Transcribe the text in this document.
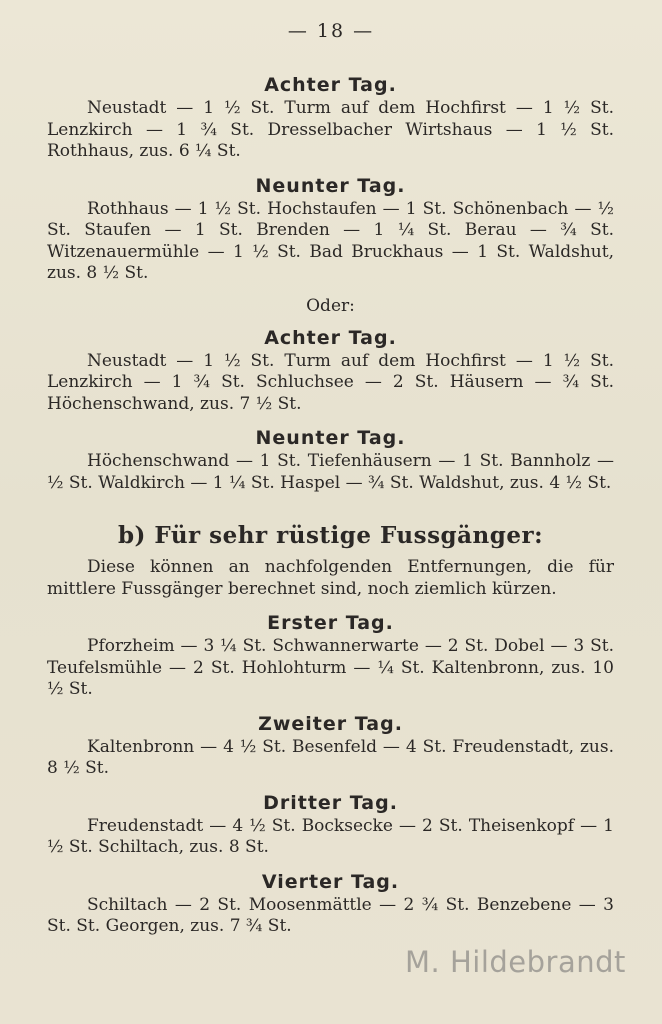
— 18 —
Achter Tag.

Neustadt — 1 ½ St. Turm auf dem Hochfirst — 1 ½ St. Lenzkirch — 1 ¾ St. Dresselbacher Wirtshaus — 1 ½ St. Rothhaus, zus. 6 ¼ St.

Neunter Tag.

Rothhaus — 1 ½ St. Hochstaufen — 1 St. Schönenbach — ½ St. Staufen — 1 St. Brenden — 1 ¼ St. Berau — ¾ St. Witzenauermühle — 1 ½ St. Bad Bruckhaus — 1 St. Waldshut, zus. 8 ½ St.

Oder:
Achter Tag.

Neustadt — 1 ½ St. Turm auf dem Hochfirst — 1 ½ St. Lenzkirch — 1 ¾ St. Schluchsee — 2 St. Häusern — ¾ St. Höchenschwand, zus. 7 ½ St.

Neunter Tag.

Höchenschwand — 1 St. Tiefenhäusern — 1 St. Bannholz — ½ St. Waldkirch — 1 ¼ St. Haspel — ¾ St. Waldshut, zus. 4 ½ St.

b) Für sehr rüstige Fussgänger:

Diese können an nachfolgenden Entfernungen, die für mittlere Fussgänger berechnet sind, noch ziemlich kürzen.

Erster Tag.

Pforzheim — 3 ¼ St. Schwannerwarte — 2 St. Dobel — 3 St. Teufelsmühle — 2 St. Hohlohturm — ¼ St. Kaltenbronn, zus. 10 ½ St.

Zweiter Tag.

Kaltenbronn — 4 ½ St. Besenfeld — 4 St. Freudenstadt, zus. 8 ½ St.

Dritter Tag.

Freudenstadt — 4 ½ St. Bocksecke — 2 St. Theisenkopf — 1 ½ St. Schiltach, zus. 8 St.

Vierter Tag.

Schiltach — 2 St. Moosenmättle — 2 ¾ St. Benzebene — 3 St. St. Georgen, zus. 7 ¾ St.

M. Hildebrandt
